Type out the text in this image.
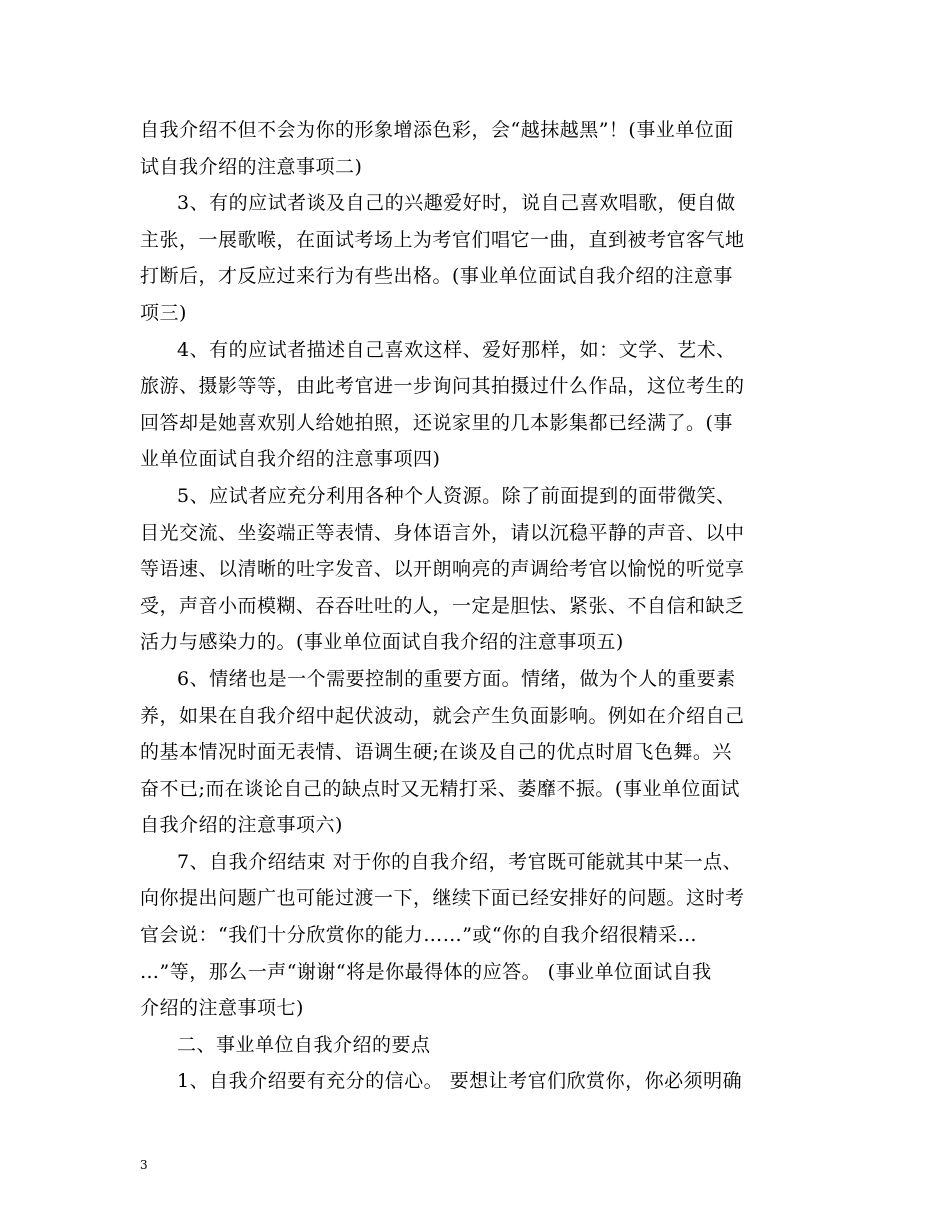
自我介绍不但不会为你的形象增添色彩，会“越抹越黑”！(事业单位面
试自我介绍的注意事项二)
3、有的应试者谈及自己的兴趣爱好时，说自己喜欢唱歌，便自做
主张，一展歌喉，在面试考场上为考官们唱它一曲，直到被考官客气地
打断后，才反应过来行为有些出格。(事业单位面试自我介绍的注意事
项三)
4、有的应试者描述自己喜欢这样、爱好那样，如：文学、艺术、
旅游、摄影等等，由此考官进一步询问其拍摄过什么作品，这位考生的
回答却是她喜欢别人给她拍照，还说家里的几本影集都已经满了。(事
业单位面试自我介绍的注意事项四)
5、应试者应充分利用各种个人资源。除了前面提到的面带微笑、
目光交流、坐姿端正等表情、身体语言外，请以沉稳平静的声音、以中
等语速、以清晰的吐字发音、以开朗响亮的声调给考官以愉悦的听觉享
受，声音小而模糊、吞吞吐吐的人，一定是胆怯、紧张、不自信和缺乏
活力与感染力的。(事业单位面试自我介绍的注意事项五)
6、情绪也是一个需要控制的重要方面。情绪，做为个人的重要素
养，如果在自我介绍中起伏波动，就会产生负面影响。例如在介绍自己
的基本情况时面无表情、语调生硬;在谈及自己的优点时眉飞色舞。兴
奋不已;而在谈论自己的缺点时又无精打采、萎靡不振。(事业单位面试
自我介绍的注意事项六)
7、自我介绍结束 对于你的自我介绍，考官既可能就其中某一点、
向你提出问题广也可能过渡一下，继续下面已经安排好的问题。这时考
官会说：“我们十分欣赏你的能力……”或“你的自我介绍很精采…
…”等，那么一声“谢谢“将是你最得体的应答。 (事业单位面试自我
介绍的注意事项七)
二、事业单位自我介绍的要点
1、自我介绍要有充分的信心。 要想让考官们欣赏你，你必须明确
3
